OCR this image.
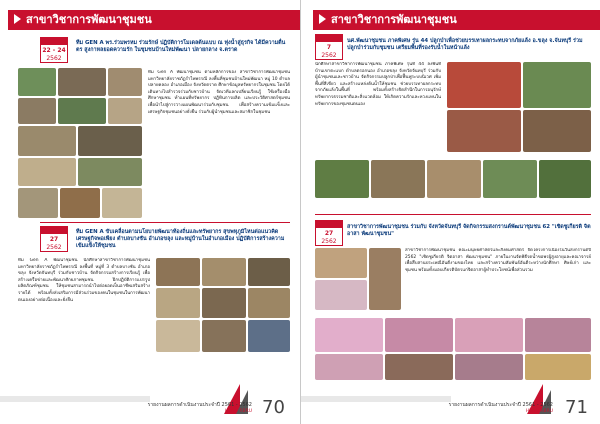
สาขาวิชาการพัฒนาชุมชน
22 - 24
2562
ทีม GEN A พร.ร่วมพรหม ร่วมรักษ์ ปฏิบัติการโมเดลต้นแบบ ณ ทุ่งน้ำสู่ธุรกิจ ได้มีความตื่นตร สูงกาหลยอดความรัก ในชุมชนบ้านใหม่พัฒนา ปลายกลาง จ.ตราด
ทีม Gen A พัฒนาชุมชน ตามหลักการของ สาขาวิชาการพัฒนาชุมชน มหาวิทยาลัยราชภัฏรำไพพรรณี ลงพื้นที่ชุมชนบ้านใหม่พัฒนา หมู่ 10 ตำบลปลายคลอง อำเภอเมือง จังหวัดตราด ศึกษาข้อมูลทรัพยากรในชุมชน โดยได้เดินทางไปสำรวจร่วมกับชาวบ้าน จัดเวทีแลกเปลี่ยนเรียนรู้ ใช้เครื่องมือศึกษาชุมชน ทำแผนที่ทรัพยากร ปฏิทินการผลิต และประวัติศาสตร์ชุมชน เพื่อนำไปสู่การวางแผนพัฒนาร่วมกับชุมชน เพื่อสร้างความเข้มแข็งและเศรษฐกิจชุมชนอย่างยั่งยืน ร่วมกับผู้นำชุมชนและสมาชิกในชุมชน
27
2562
ทีม GEN A ขับเคลื่อนตามนโยบายพัฒนาท้องถิ่นและทรัพยากร สุขพหุภูมิไหนต่อแนวคิด เศรษฐกิจพอเพียง ตำบลบางชัน อำเภอขลุง และหมู่บ้านในอำเภอเมือง ปฏิบัติการสร้างความเข้มแข็งให้ชุมชน
ทีม Gen A พัฒนาชุมชน นักศึกษาสาขาวิชาการพัฒนาชุมชน มหาวิทยาลัยราชภัฏรำไพพรรณี ลงพื้นที่ หมู่ที่ 3 ตำบลบางชัน อำเภอขลุง จังหวัดจันทบุรี ร่วมกับชาวบ้าน จัดกิจกรรมสร้างการเรียนรู้ เพื่อสร้างเครือข่ายและพัฒนาศักยภาพชุมชน ฝึกปฏิบัติการแปรรูปผลิตภัณฑ์ชุมชน ให้ชุมชนสามารถนำไปต่อยอดเป็นอาชีพเสริมสร้างรายได้ พร้อมทั้งส่งเสริมการมีส่วนร่วมของคนในชุมชนในการพัฒนาตนเองอย่างต่อเนื่องและยั่งยืน
รายงานผลการดำเนินงานประจำปี 2561 - 2562
HUSO RBRU 70
สาขาวิชาการพัฒนาชุมชน
7
2562
นศ.พัฒนาชุมชน ภาคพิเศษ รุ่น 44 ปลูกป่าเพื่อช่วยบรรเทาผลกระทบจากภัยแล้ง อ.ขลุง จ.จันทบุรี ร่วมปลูกป่าร่วมกับชุมชน เตรียมพื้นที่รองรับน้ำในหน้าแล้ง
นักศึกษาสาขาวิชาการพัฒนาชุมชน ภาคพิเศษ รุ่นที่ 44 ลงพื้นที่บ้านเขาตะแบก ตำบลตรอกนอง อำเภอขลุง จังหวัดจันทบุรี ร่วมกับผู้นำชุมชนและชาวบ้าน จัดกิจกรรมปลูกป่าเพื่อฟื้นฟูระบบนิเวศ เพิ่มพื้นที่สีเขียว และสร้างแหล่งต้นน้ำให้ชุมชน ช่วยบรรเทาผลกระทบจากภัยแล้งในพื้นที่ พร้อมทั้งสร้างจิตสำนึกในการอนุรักษ์ทรัพยากรธรรมชาติและสิ่งแวดล้อม ให้เกิดความรักและหวงแหนในทรัพยากรของชุมชนตนเอง
27
2562
สาขาวิชาการพัฒนาชุมชน ร่วมกับ จังหวัดจันทบุรี จัดกิจกรรมสงกรานต์พัฒนาชุมชน 62 "เชิดชูเกียรติ จิตอาสา พัฒนาชุมชน"
สาขาวิชาการพัฒนาชุมชน คณะมนุษยศาสตร์และสังคมศาสตร์ จัดโครงการเนื่องในวันสงกรานต์ปี 2562 "เชิดชูเกียรติ จิตอาสา พัฒนาชุมชน" ภายในงานจัดพิธีรดน้ำขอพรผู้สูงอายุและคณาจารย์ เพื่อสืบสานประเพณีอันดีงามของไทย และสร้างความสัมพันธ์อันดีระหว่างนักศึกษา ศิษย์เก่า และชุมชน พร้อมทั้งมอบเกียรติบัตรแก่จิตอาสาผู้ทำประโยชน์เพื่อส่วนรวม
รายงานผลการดำเนินงานประจำปี 2561 - 2562
HUSO RBRU 71
